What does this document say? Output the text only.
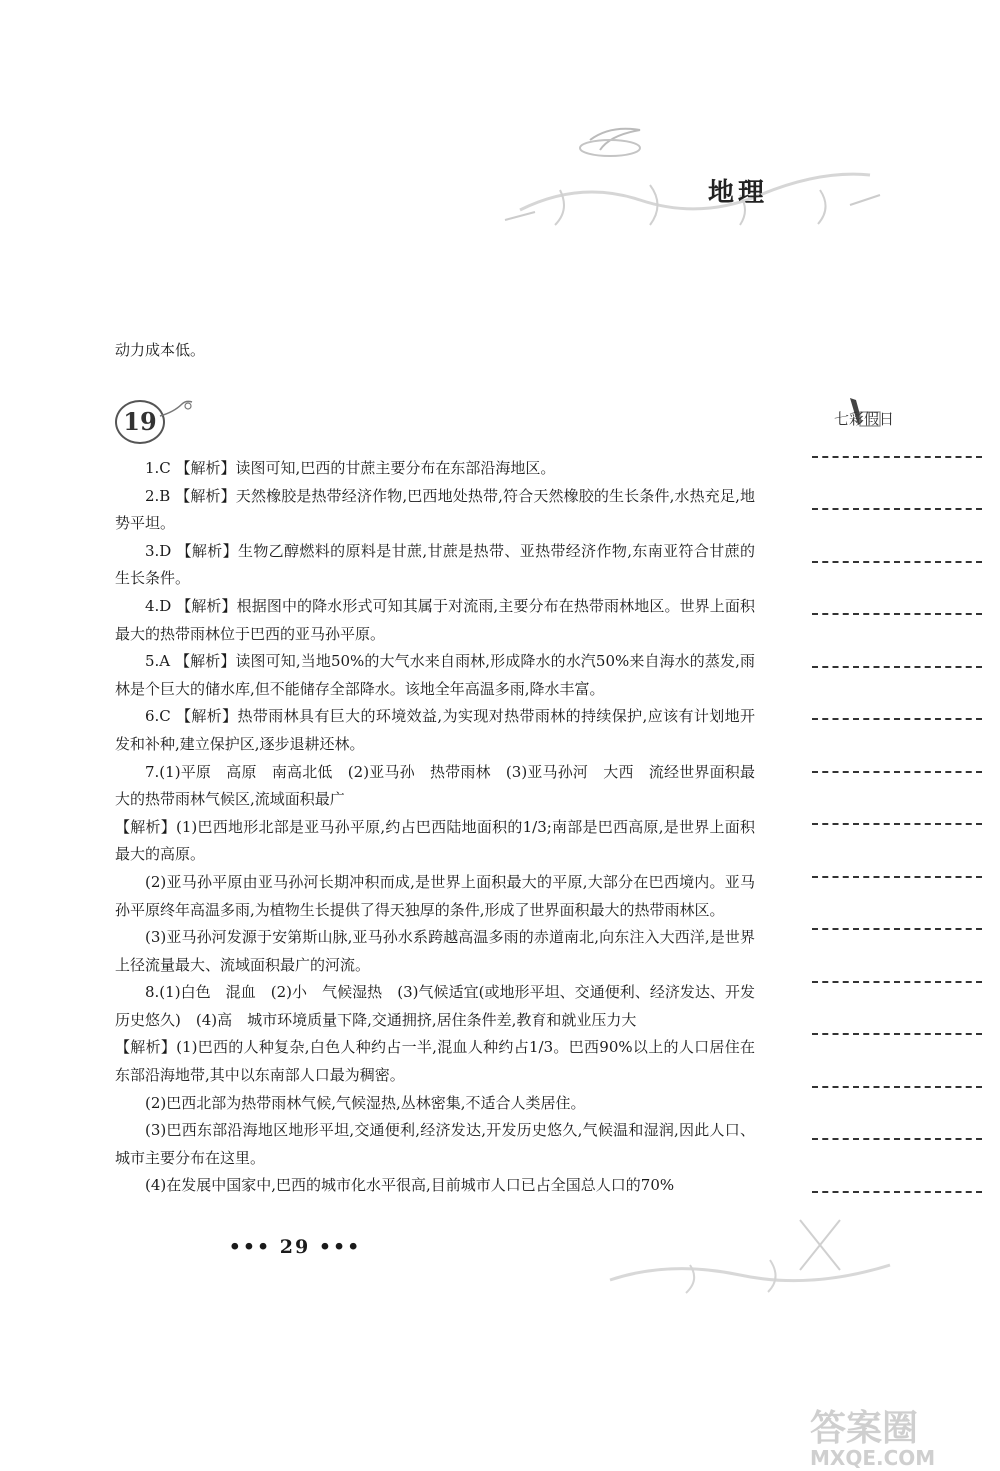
地理
动力成本低。
19

1.C 【解析】读图可知,巴西的甘蔗主要分布在东部沿海地区。

2.B 【解析】天然橡胶是热带经济作物,巴西地处热带,符合天然橡胶的生长条件,水热充足,地势平坦。

3.D 【解析】生物乙醇燃料的原料是甘蔗,甘蔗是热带、亚热带经济作物,东南亚符合甘蔗的生长条件。

4.D 【解析】根据图中的降水形式可知其属于对流雨,主要分布在热带雨林地区。世界上面积最大的热带雨林位于巴西的亚马孙平原。

5.A 【解析】读图可知,当地50%的大气水来自雨林,形成降水的水汽50%来自海水的蒸发,雨林是个巨大的储水库,但不能储存全部降水。该地全年高温多雨,降水丰富。

6.C 【解析】热带雨林具有巨大的环境效益,为实现对热带雨林的持续保护,应该有计划地开发和补种,建立保护区,逐步退耕还林。

7.(1)平原　高原　南高北低　(2)亚马孙　热带雨林　(3)亚马孙河　大西　流经世界面积最大的热带雨林气候区,流域面积最广

【解析】(1)巴西地形北部是亚马孙平原,约占巴西陆地面积的1/3;南部是巴西高原,是世界上面积最大的高原。

(2)亚马孙平原由亚马孙河长期冲积而成,是世界上面积最大的平原,大部分在巴西境内。亚马孙平原终年高温多雨,为植物生长提供了得天独厚的条件,形成了世界面积最大的热带雨林区。

(3)亚马孙河发源于安第斯山脉,亚马孙水系跨越高温多雨的赤道南北,向东注入大西洋,是世界上径流量最大、流域面积最广的河流。

8.(1)白色　混血　(2)小　气候湿热　(3)气候适宜(或地形平坦、交通便利、经济发达、开发历史悠久)　(4)高　城市环境质量下降,交通拥挤,居住条件差,教育和就业压力大

【解析】(1)巴西的人种复杂,白色人种约占一半,混血人种约占1/3。巴西90%以上的人口居住在东部沿海地带,其中以东南部人口最为稠密。

(2)巴西北部为热带雨林气候,气候湿热,丛林密集,不适合人类居住。

(3)巴西东部沿海地区地形平坦,交通便利,经济发达,开发历史悠久,气候温和湿润,因此人口、城市主要分布在这里。

(4)在发展中国家中,巴西的城市化水平很高,目前城市人口已占全国总人口的70%

七彩假日
••• 29 •••
答案圈
MXQE.COM
